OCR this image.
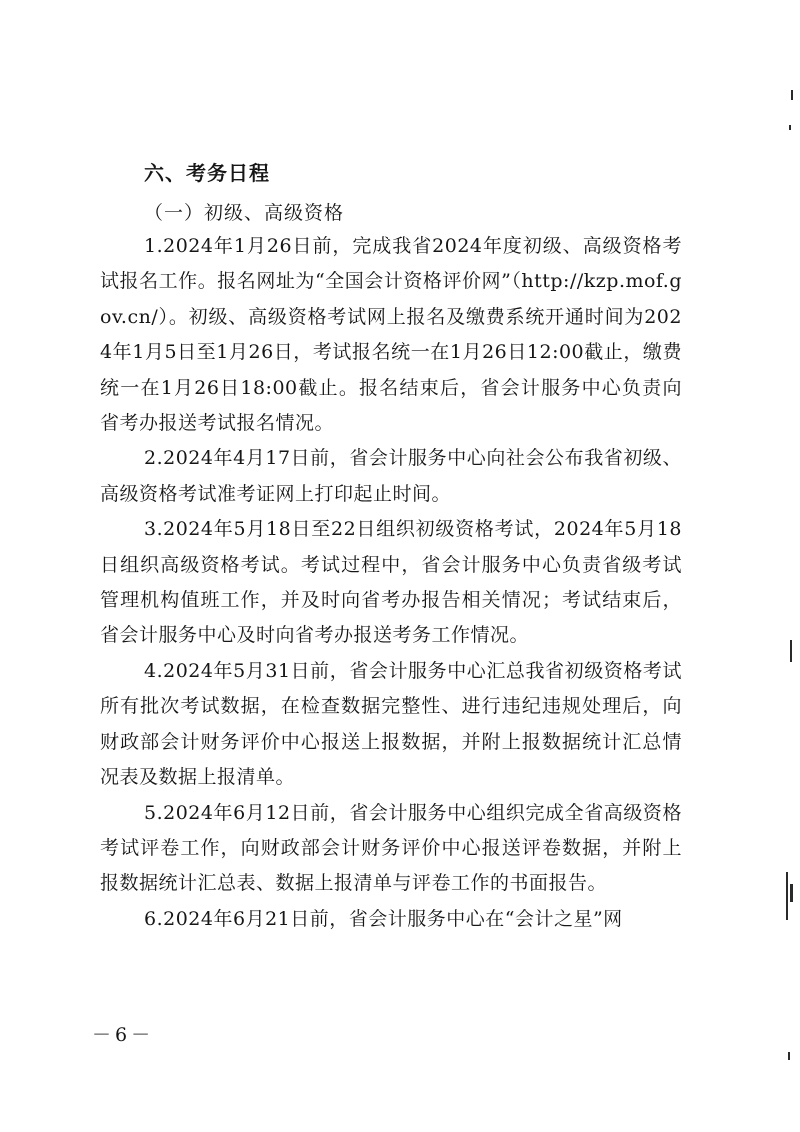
六、考务日程
（一）初级、高级资格

1.2024年1月26日前，完成我省2024年度初级、高级资格考试报名工作。报名网址为“全国会计资格评价网”（http://kzp.mof.gov.cn/）。初级、高级资格考试网上报名及缴费系统开通时间为2024年1月5日至1月26日，考试报名统一在1月26日12:00截止，缴费统一在1月26日18:00截止。报名结束后，省会计服务中心负责向省考办报送考试报名情况。

2.2024年4月17日前，省会计服务中心向社会公布我省初级、高级资格考试准考证网上打印起止时间。

3.2024年5月18日至22日组织初级资格考试，2024年5月18日组织高级资格考试。考试过程中，省会计服务中心负责省级考试管理机构值班工作，并及时向省考办报告相关情况；考试结束后，省会计服务中心及时向省考办报送考务工作情况。

4.2024年5月31日前，省会计服务中心汇总我省初级资格考试所有批次考试数据，在检查数据完整性、进行违纪违规处理后，向财政部会计财务评价中心报送上报数据，并附上报数据统计汇总情况表及数据上报清单。

5.2024年6月12日前，省会计服务中心组织完成全省高级资格考试评卷工作，向财政部会计财务评价中心报送评卷数据，并附上报数据统计汇总表、数据上报清单与评卷工作的书面报告。

6.2024年6月21日前，省会计服务中心在“会计之星”网

－6－
